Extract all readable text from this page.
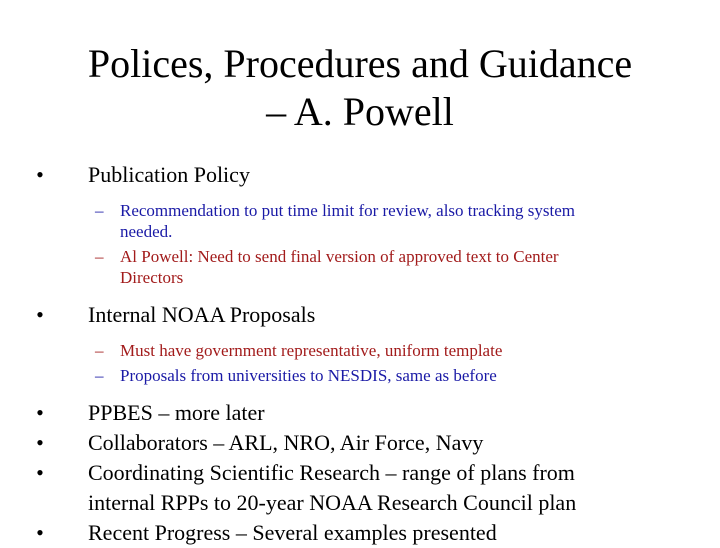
Polices, Procedures and Guidance
– A. Powell
• Publication Policy
– Recommendation to put time limit for review, also tracking system
needed.
– Al Powell: Need to send final version of approved text to Center
Directors
• Internal NOAA Proposals
– Must have government representative, uniform template
– Proposals from universities to NESDIS, same as before
• PPBES – more later
• Collaborators – ARL, NRO, Air Force, Navy
• Coordinating Scientific Research – range of plans from
internal RPPs to 20-year NOAA Research Council plan
• Recent Progress – Several examples presented
